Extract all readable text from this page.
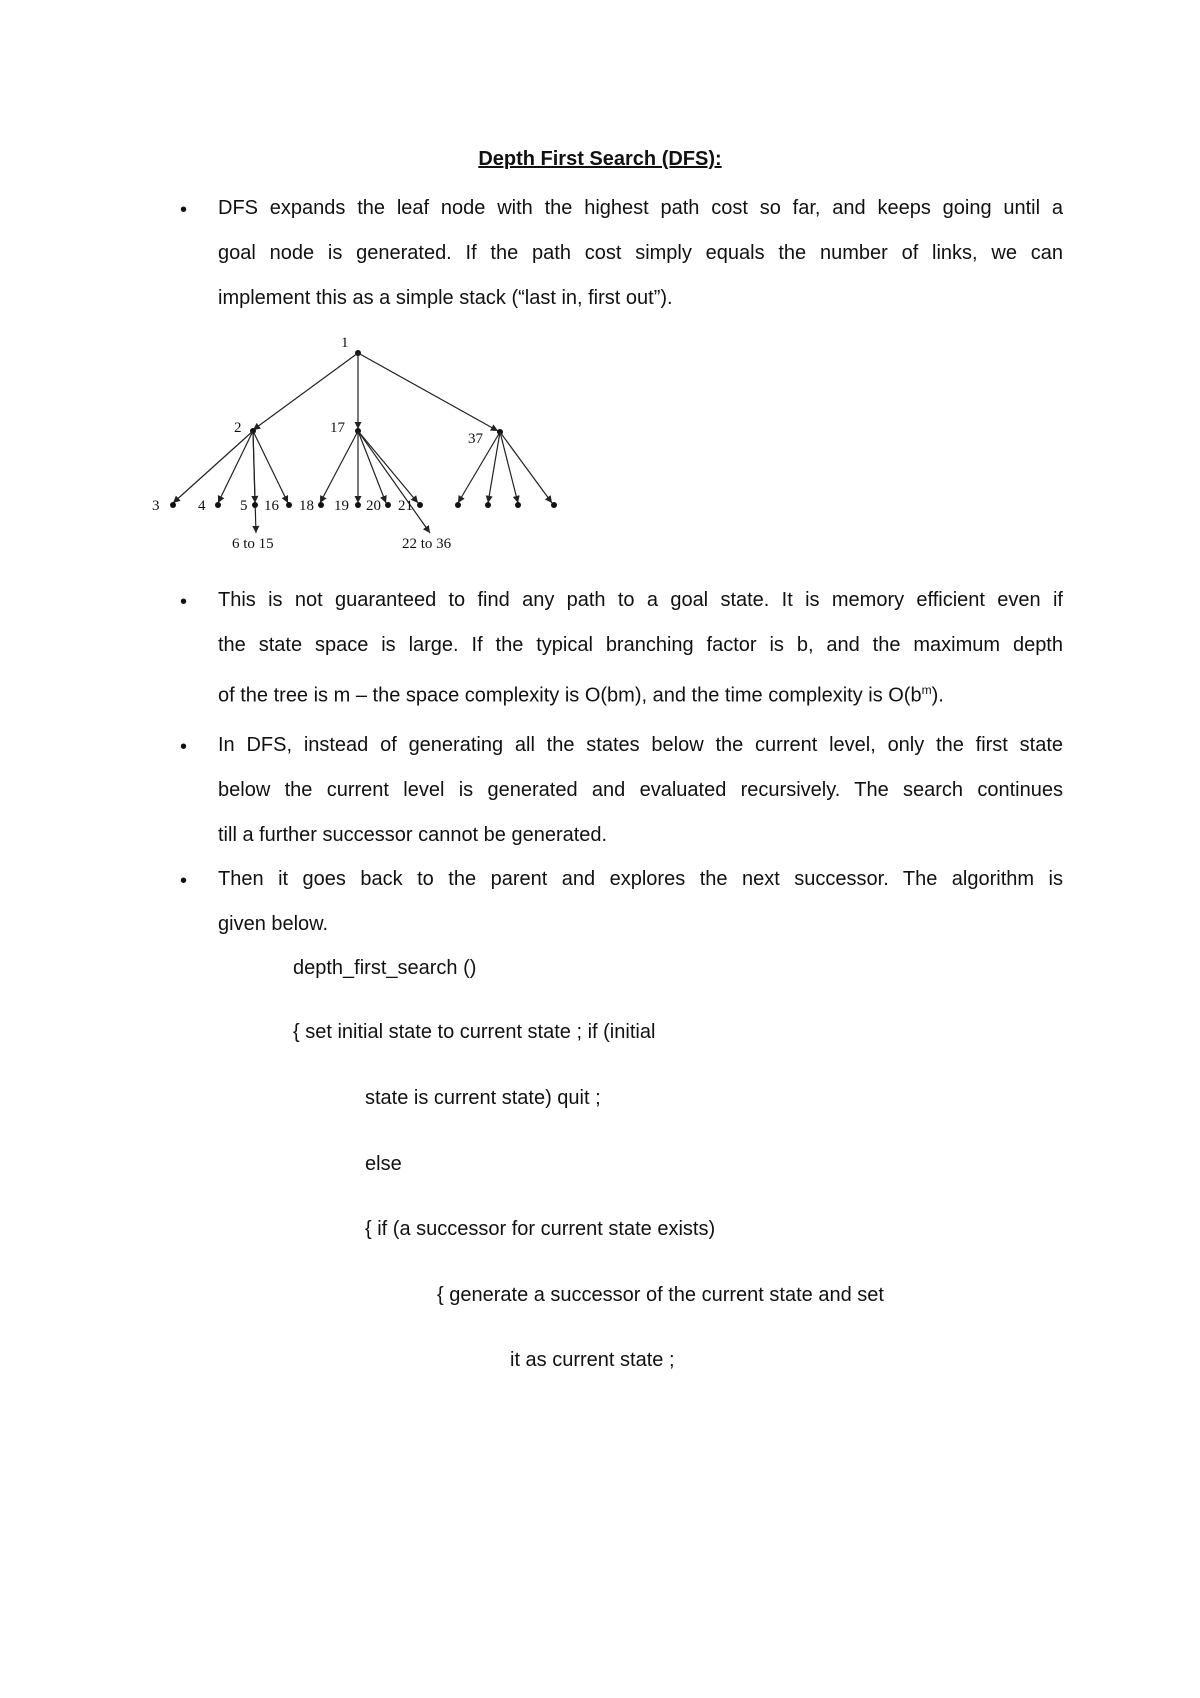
Depth First Search (DFS):
• DFS expands the leaf node with the highest path cost so far, and keeps going until a
goal node is generated. If the path cost simply equals the number of links, we can
implement this as a simple stack (“last in, first out”).
1
2	17
37
3	4 5 16
6 to 15
18 19 20 21
22 to 36
• This is not guaranteed to find any path to a goal state. It is memory efficient even if
the state space is large. If the typical branching factor is b, and the maximum depth
of the tree is m – the space complexity is O(bm), and the time complexity is $O(b^m)$.
• In DFS, instead of generating all the states below the current level, only the first state
below the current level is generated and evaluated recursively. The search continues
till a further successor cannot be generated.
• Then it goes back to the parent and explores the next successor. The algorithm is
given below.
depth_first_search ()
{ set initial state to current state ; if (initial
state is current state) quit ;
else
{ if (a successor for current state exists)
{ generate a successor of the current state and set
it as current state ;
